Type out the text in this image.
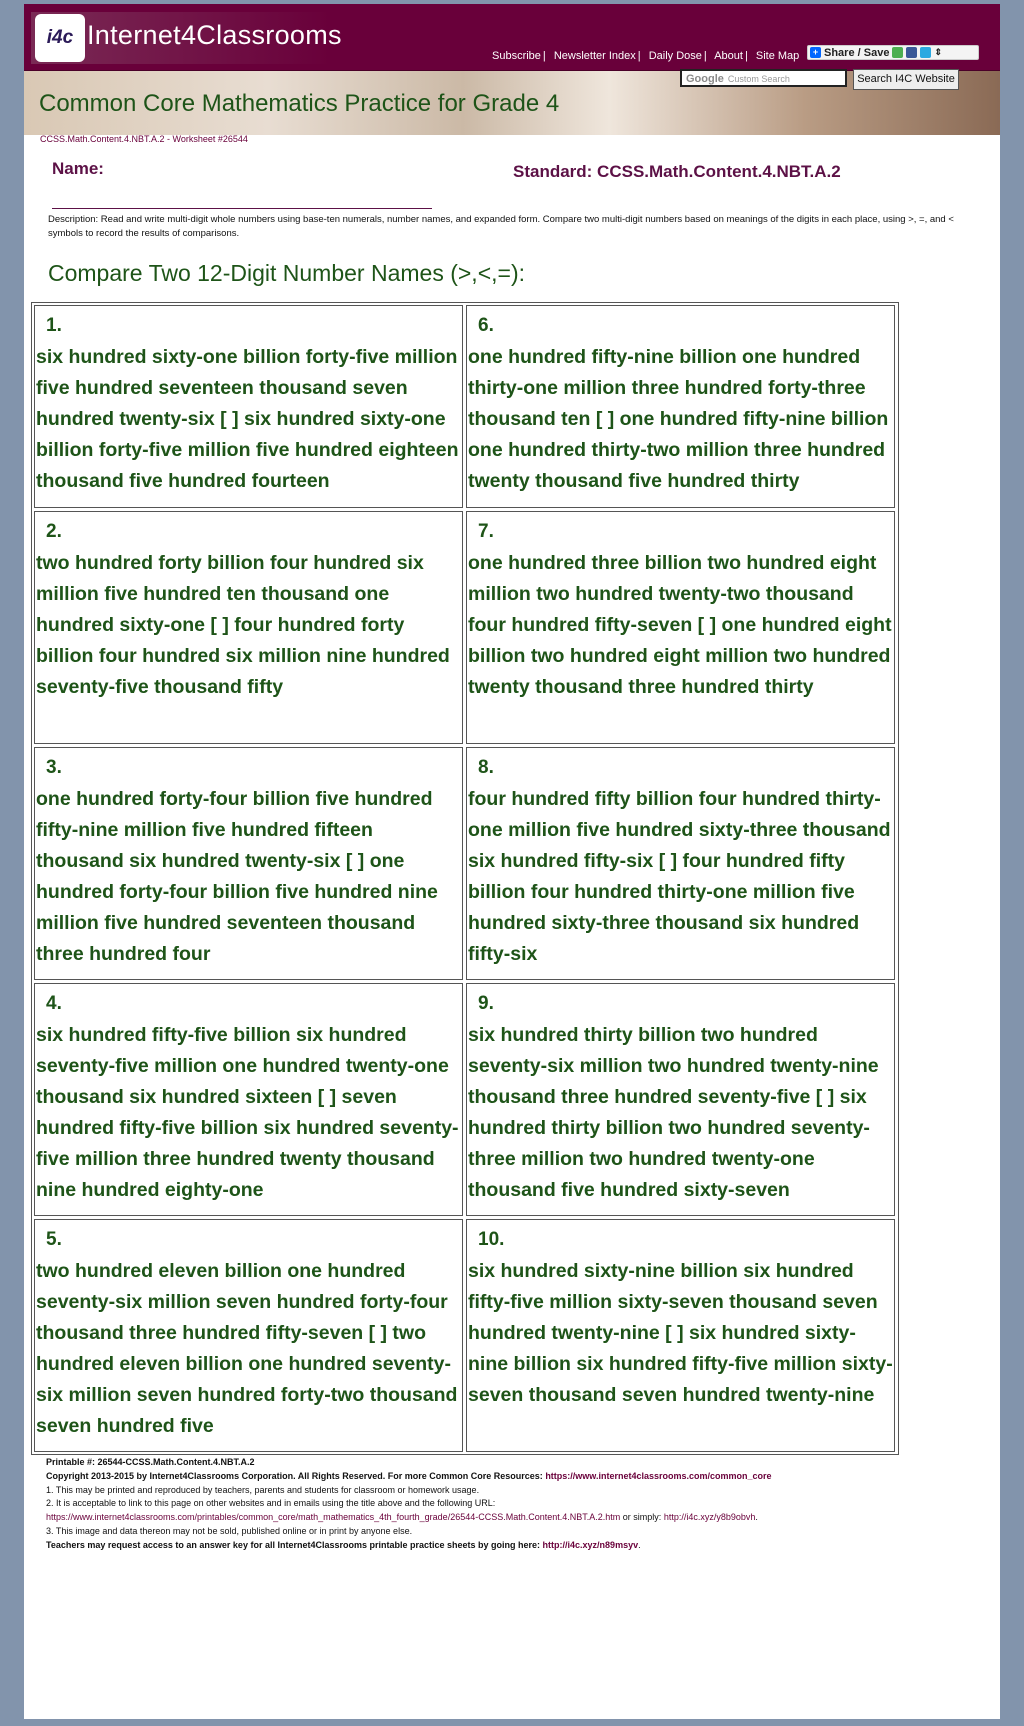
i4c Internet4Classrooms
Subscribe | Newsletter Index | Daily Dose | About | Site Map	+ Share / Save	⇕
Common Core Mathematics Practice for Grade 4
Google Custom Search	Search I4C Website
CCSS.Math.Content.4.NBT.A.2 - Worksheet #26544
Name:	Standard: CCSS.Math.Content.4.NBT.A.2
Description: Read and write multi-digit whole numbers using base-ten numerals, number names, and expanded form. Compare two multi-digit numbers based on meanings of the digits in each place, using >, =, and < symbols to record the results of comparisons.
Compare Two 12-Digit Number Names (>,<,=):
1.
six hundred sixty-one billion forty-five million five hundred seventeen thousand seven hundred twenty-six [ ] six hundred sixty-one billion forty-five million five hundred eighteen thousand five hundred fourteen
2.
two hundred forty billion four hundred six million five hundred ten thousand one hundred sixty-one [ ] four hundred forty billion four hundred six million nine hundred seventy-five thousand fifty
3.
one hundred forty-four billion five hundred fifty-nine million five hundred fifteen thousand six hundred twenty-six [ ] one hundred forty-four billion five hundred nine million five hundred seventeen thousand three hundred four
4.
six hundred fifty-five billion six hundred seventy-five million one hundred twenty-one thousand six hundred sixteen [ ] seven hundred fifty-five billion six hundred seventy-five million three hundred twenty thousand nine hundred eighty-one
5.
two hundred eleven billion one hundred seventy-six million seven hundred forty-four thousand three hundred fifty-seven [ ] two hundred eleven billion one hundred seventy-six million seven hundred forty-two thousand seven hundred five
6.
one hundred fifty-nine billion one hundred thirty-one million three hundred forty-three thousand ten [ ] one hundred fifty-nine billion one hundred thirty-two million three hundred twenty thousand five hundred thirty
7.
one hundred three billion two hundred eight million two hundred twenty-two thousand four hundred fifty-seven [ ] one hundred eight billion two hundred eight million two hundred twenty thousand three hundred thirty
8.
four hundred fifty billion four hundred thirty-one million five hundred sixty-three thousand six hundred fifty-six [ ] four hundred fifty billion four hundred thirty-one million five hundred sixty-three thousand six hundred fifty-six
9.
six hundred thirty billion two hundred seventy-six million two hundred twenty-nine thousand three hundred seventy-five [ ] six hundred thirty billion two hundred seventy-three million two hundred twenty-one thousand five hundred sixty-seven
10.
six hundred sixty-nine billion six hundred fifty-five million sixty-seven thousand seven hundred twenty-nine [ ] six hundred sixty-nine billion six hundred fifty-five million sixty-seven thousand seven hundred twenty-nine
Printable #: 26544-CCSS.Math.Content.4.NBT.A.2
Copyright 2013-2015 by Internet4Classrooms Corporation. All Rights Reserved. For more Common Core Resources: https://www.internet4classrooms.com/common_core
1. This may be printed and reproduced by teachers, parents and students for classroom or homework usage.
2. It is acceptable to link to this page on other websites and in emails using the title above and the following URL:
https://www.internet4classrooms.com/printables/common_core/math_mathematics_4th_fourth_grade/26544-CCSS.Math.Content.4.NBT.A.2.htm or simply: http://i4c.xyz/y8b9obvh.
3. This image and data thereon may not be sold, published online or in print by anyone else.
Teachers may request access to an answer key for all Internet4Classrooms printable practice sheets by going here: http://i4c.xyz/n89msyv.
